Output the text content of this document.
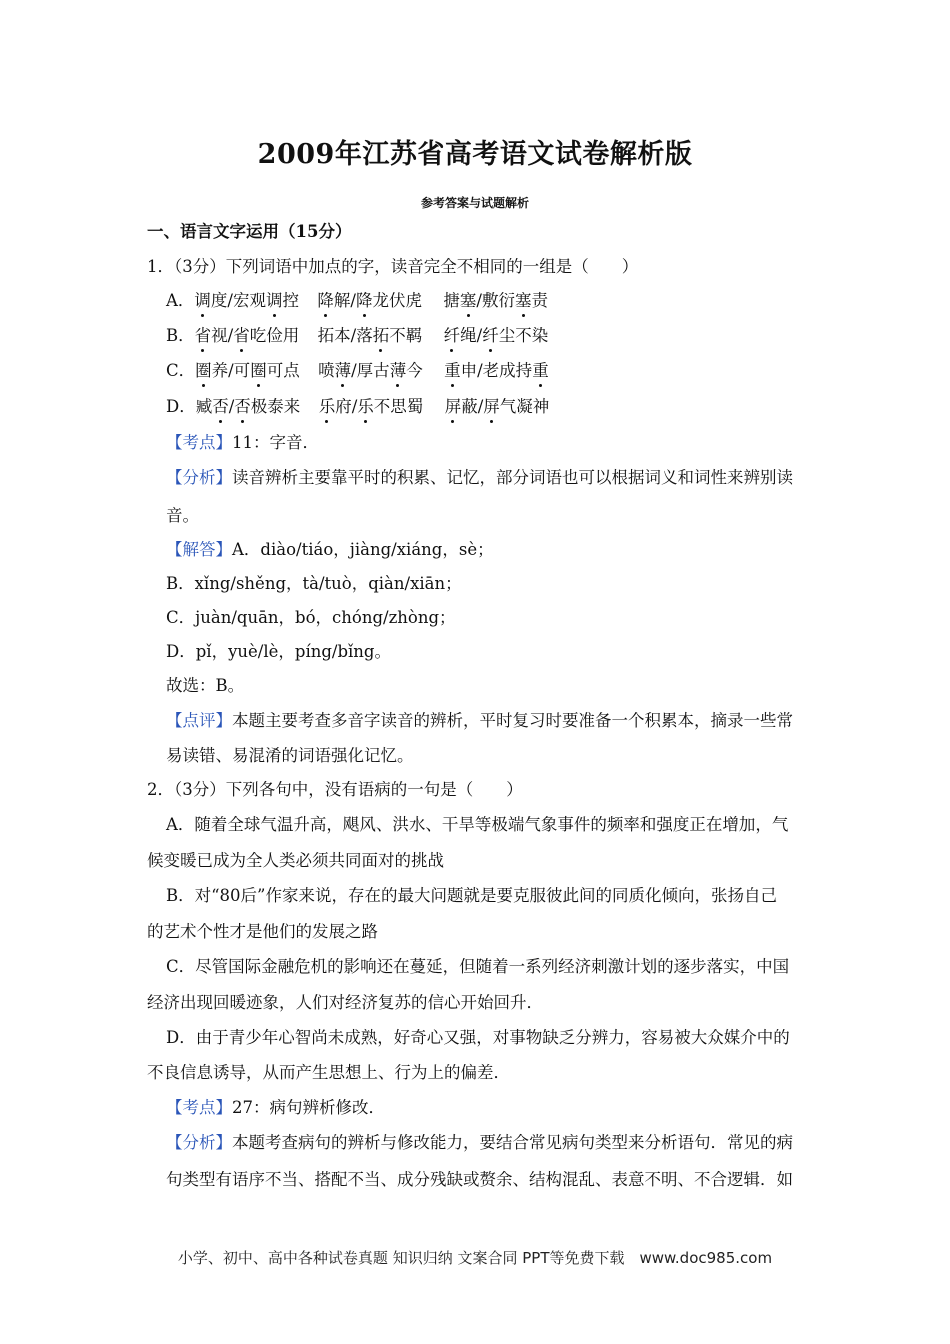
2009年江苏省高考语文试卷解析版
参考答案与试题解析
一、语言文字运用（15分）
1．（3分）下列词语中加点的字，读音完全不相同的一组是（　　）
A．调度/宏观调控 降解/降龙伏虎 搪塞/敷衍塞责
B．省视/省吃俭用 拓本/落拓不羁 纤绳/纤尘不染
C．圈养/可圈可点 喷薄/厚古薄今 重申/老成持重
D．臧否/否极泰来 乐府/乐不思蜀 屏蔽/屏气凝神
【考点】11：字音．
【分析】读音辨析主要靠平时的积累、记忆，部分词语也可以根据词义和词性来辨别读
音。
【解答】A．diào/tiáo，jiàng/xiáng，sè；
B．xǐng/shěng，tà/tuò，qiàn/xiān；
C．juàn/quān，bó，chóng/zhòng；
D．pǐ，yuè/lè，píng/bǐng。
故选：B。
【点评】本题主要考查多音字读音的辨析，平时复习时要准备一个积累本，摘录一些常
易读错、易混淆的词语强化记忆。
2．（3分）下列各句中，没有语病的一句是（　　）
A．随着全球气温升高，飓风、洪水、干旱等极端气象事件的频率和强度正在增加，气
候变暖已成为全人类必须共同面对的挑战
B．对“80后”作家来说，存在的最大问题就是要克服彼此间的同质化倾向，张扬自己
的艺术个性才是他们的发展之路
C．尽管国际金融危机的影响还在蔓延，但随着一系列经济刺激计划的逐步落实，中国
经济出现回暖迹象，人们对经济复苏的信心开始回升．
D．由于青少年心智尚未成熟，好奇心又强，对事物缺乏分辨力，容易被大众媒介中的
不良信息诱导，从而产生思想上、行为上的偏差．
【考点】27：病句辨析修改．
【分析】本题考查病句的辨析与修改能力，要结合常见病句类型来分析语句．常见的病
句类型有语序不当、搭配不当、成分残缺或赘余、结构混乱、表意不明、不合逻辑．如
小学、初中、高中各种试卷真题 知识归纳 文案合同 PPT等免费下载　www.doc985.com
